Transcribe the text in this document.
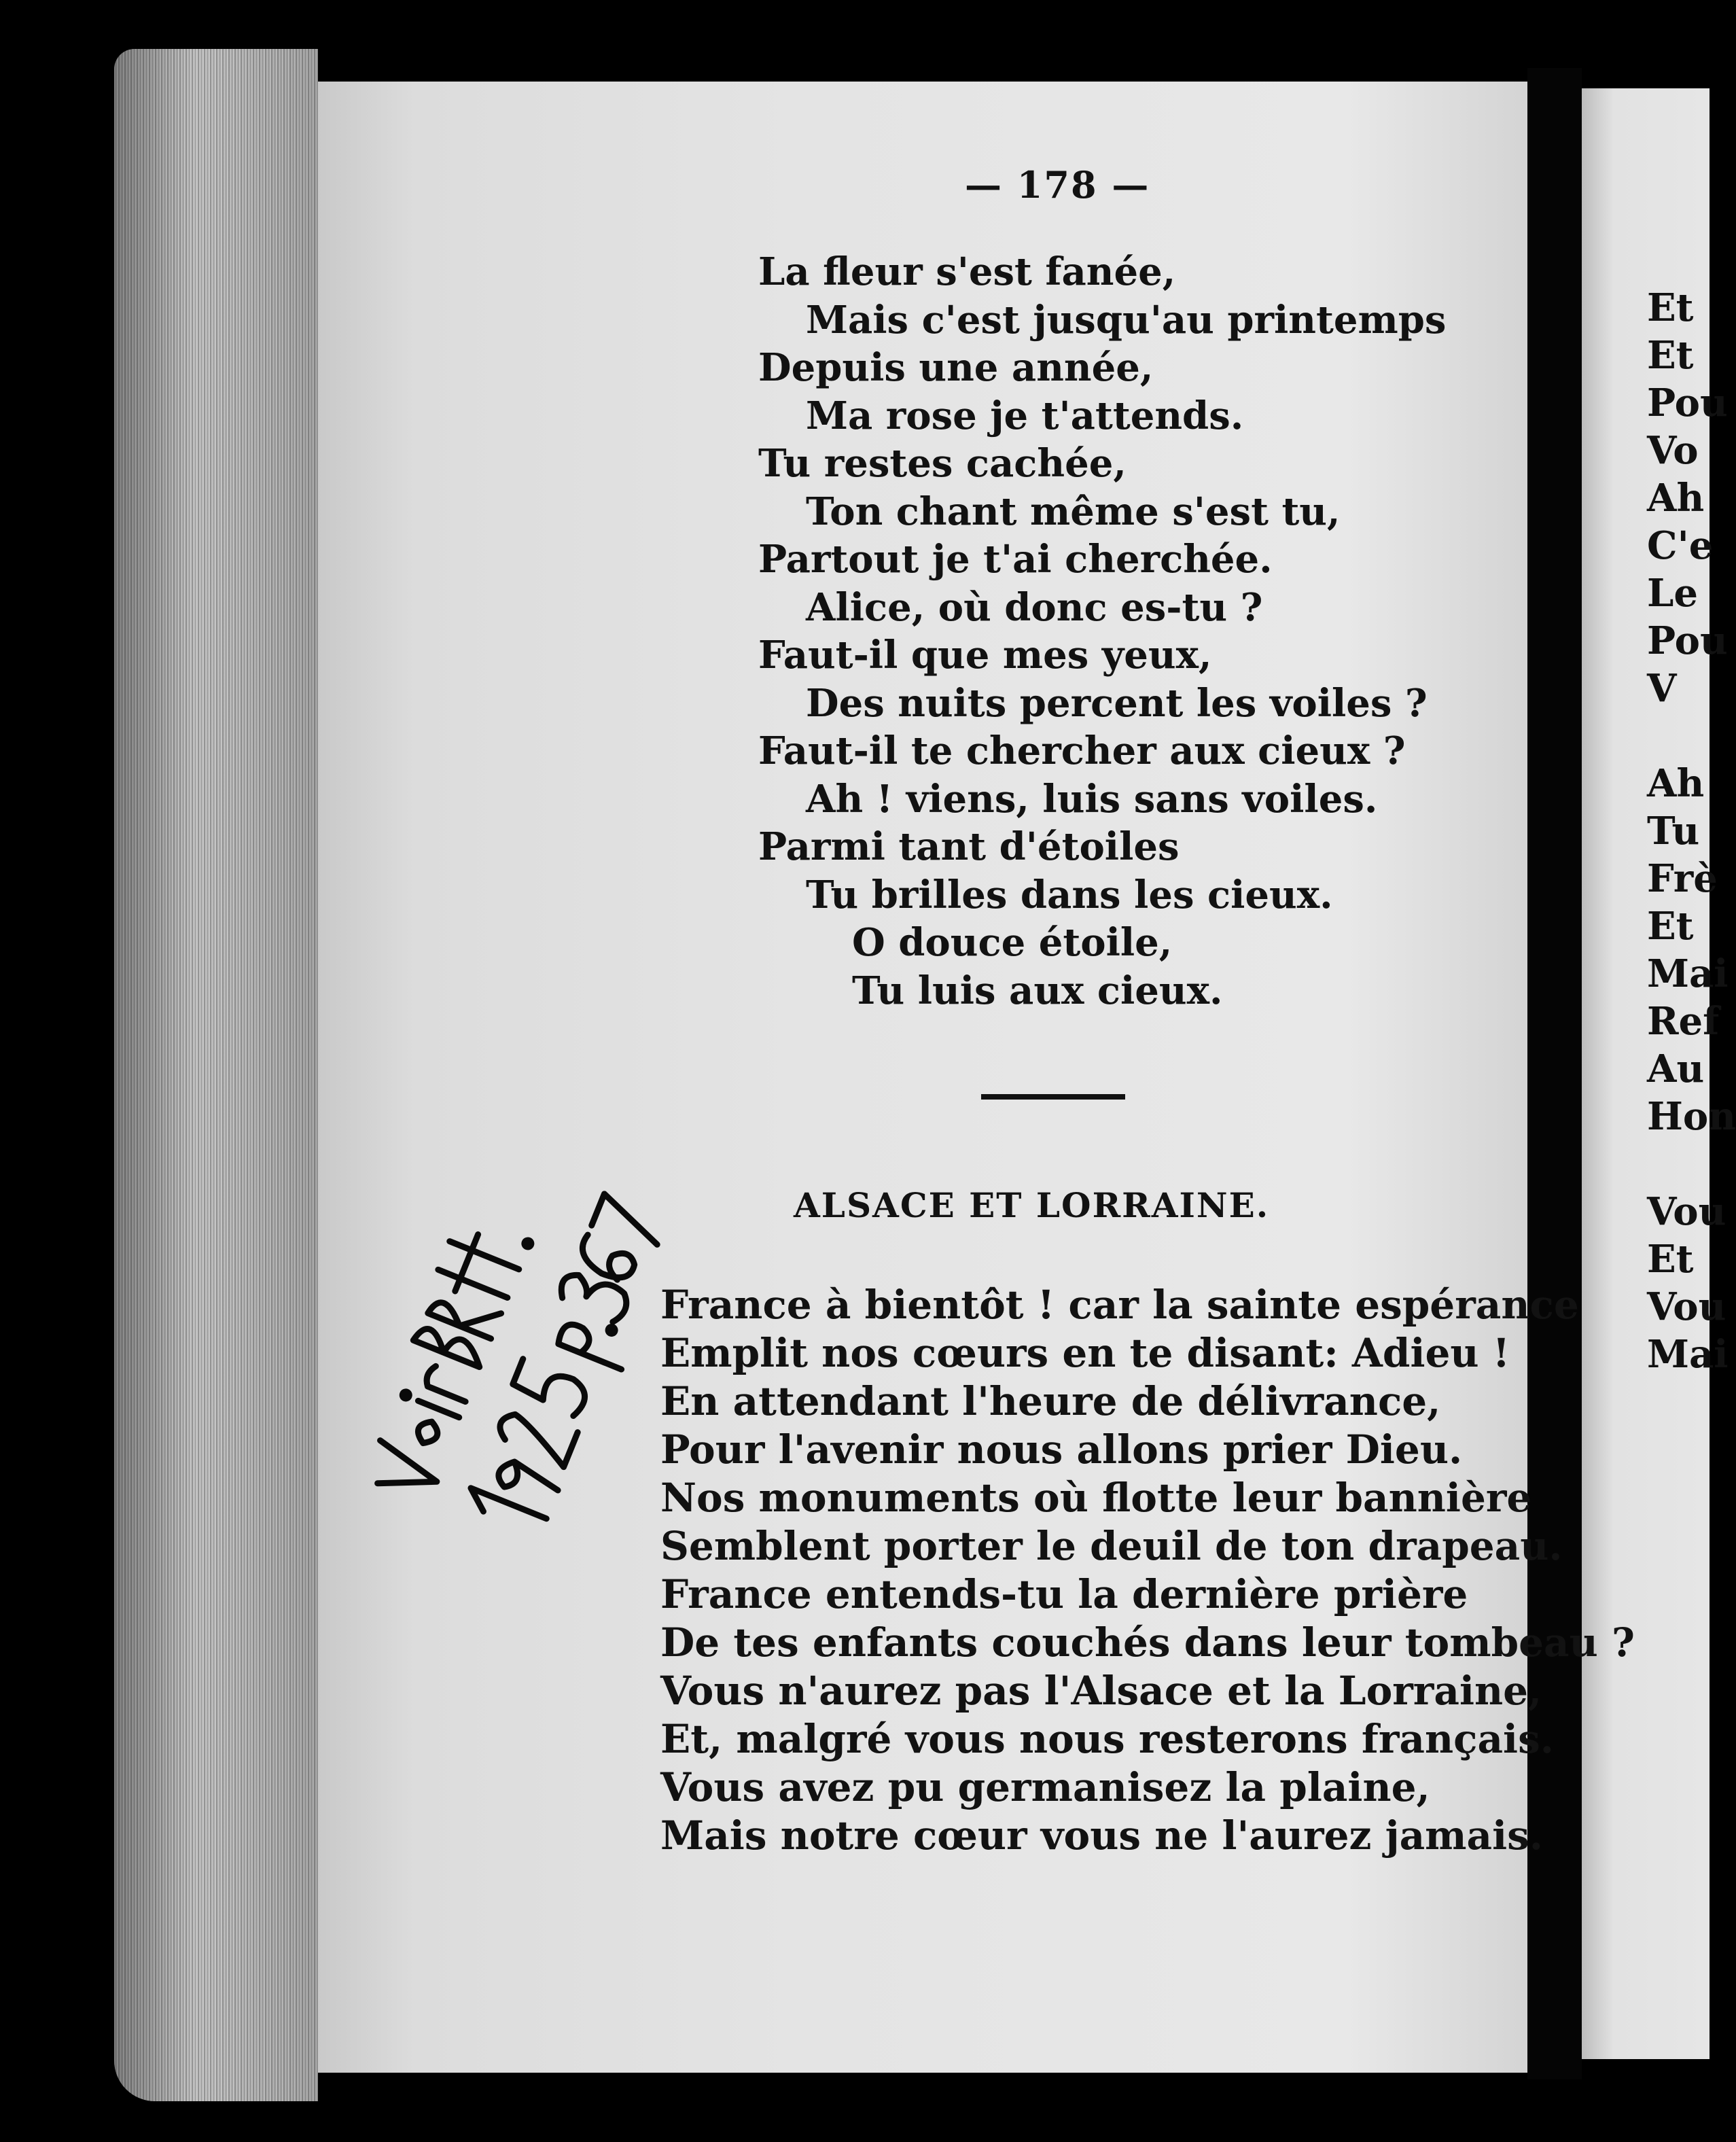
— 178 —
La fleur s'est fanée,
Mais c'est jusqu'au printemps
Depuis une année,
Ma rose je t'attends.
Tu restes cachée,
Ton chant même s'est tu,
Partout je t'ai cherchée.
Alice, où donc es-tu ?
Faut-il que mes yeux,
Des nuits percent les voiles ?
Faut-il te chercher aux cieux ?
Ah ! viens, luis sans voiles.
Parmi tant d'étoiles
Tu brilles dans les cieux.
O douce étoile,
Tu luis aux cieux.
ALSACE ET LORRAINE.
France à bientôt ! car la sainte espérance
Emplit nos cœurs en te disant: Adieu !
En attendant l'heure de délivrance,
Pour l'avenir nous allons prier Dieu.
Nos monuments où flotte leur bannière
Semblent porter le deuil de ton drapeau.
France entends-tu la dernière prière
De tes enfants couchés dans leur tombeau ?
Vous n'aurez pas l'Alsace et la Lorraine,
Et, malgré vous nous resterons français.
Vous avez pu germanisez la plaine,
Mais notre cœur vous ne l'aurez jamais.
Et
Et
Pou
Vo
Ah
C'e
Le
Pou
V
Ah
Tu
Frè
Et
Mai
Ref
Au
Hon
Vou
Et
Vou
Mai
